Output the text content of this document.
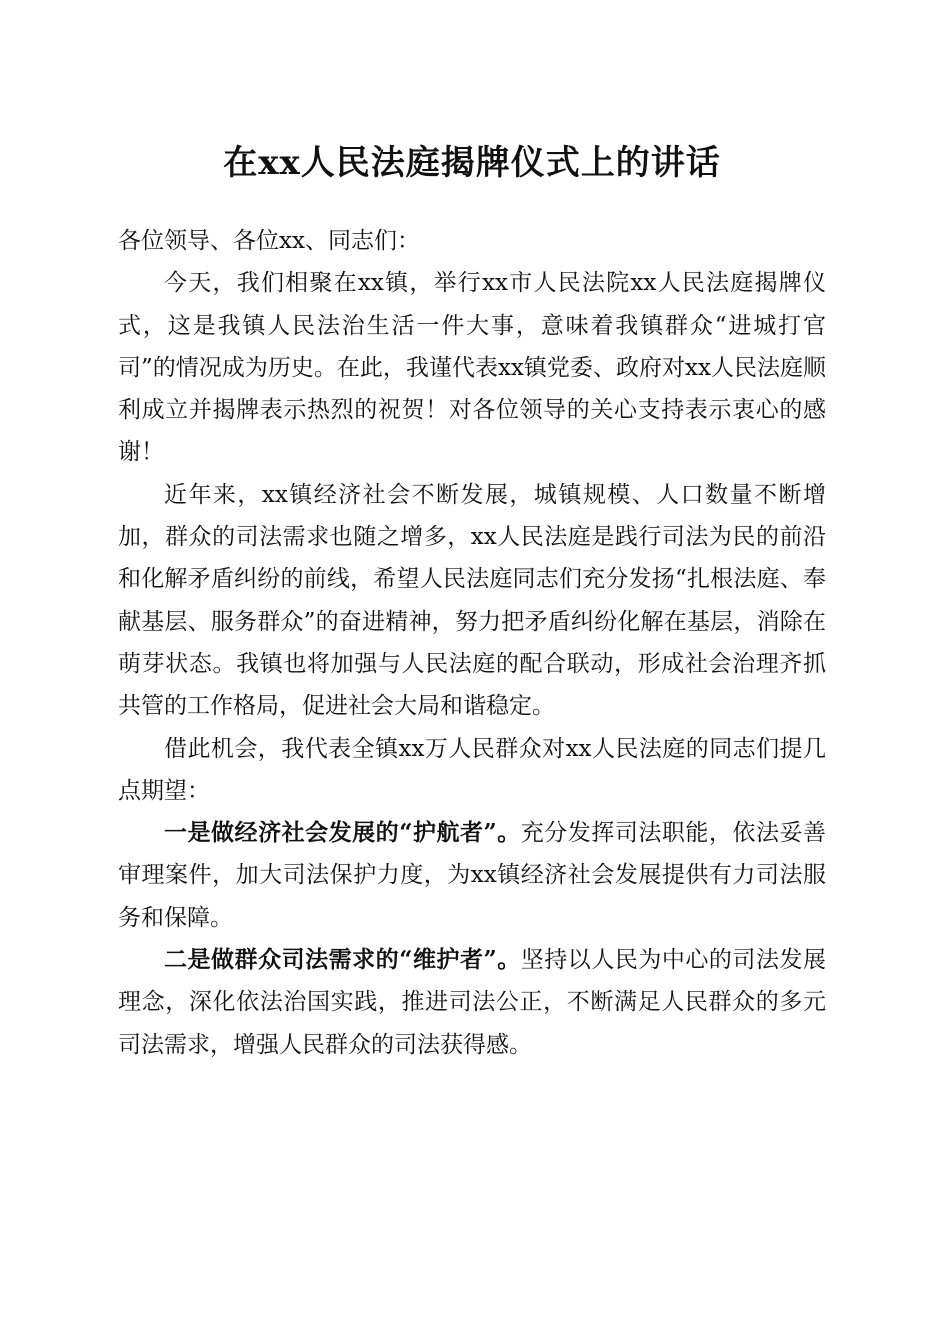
在xx人民法庭揭牌仪式上的讲话

各位领导、各位xx、同志们：

今天，我们相聚在xx镇，举行xx市人民法院xx人民法庭揭牌仪式，这是我镇人民法治生活一件大事，意味着我镇群众“进城打官司”的情况成为历史。在此，我谨代表xx镇党委、政府对xx人民法庭顺利成立并揭牌表示热烈的祝贺！对各位领导的关心支持表示衷心的感谢！

近年来，xx镇经济社会不断发展，城镇规模、人口数量不断增加，群众的司法需求也随之增多，xx人民法庭是践行司法为民的前沿和化解矛盾纠纷的前线，希望人民法庭同志们充分发扬“扎根法庭、奉献基层、服务群众”的奋进精神，努力把矛盾纠纷化解在基层，消除在萌芽状态。我镇也将加强与人民法庭的配合联动，形成社会治理齐抓共管的工作格局，促进社会大局和谐稳定。

借此机会，我代表全镇xx万人民群众对xx人民法庭的同志们提几点期望：

一是做经济社会发展的“护航者”。充分发挥司法职能，依法妥善审理案件，加大司法保护力度，为xx镇经济社会发展提供有力司法服务和保障。

二是做群众司法需求的“维护者”。坚持以人民为中心的司法发展理念，深化依法治国实践，推进司法公正，不断满足人民群众的多元司法需求，增强人民群众的司法获得感。
